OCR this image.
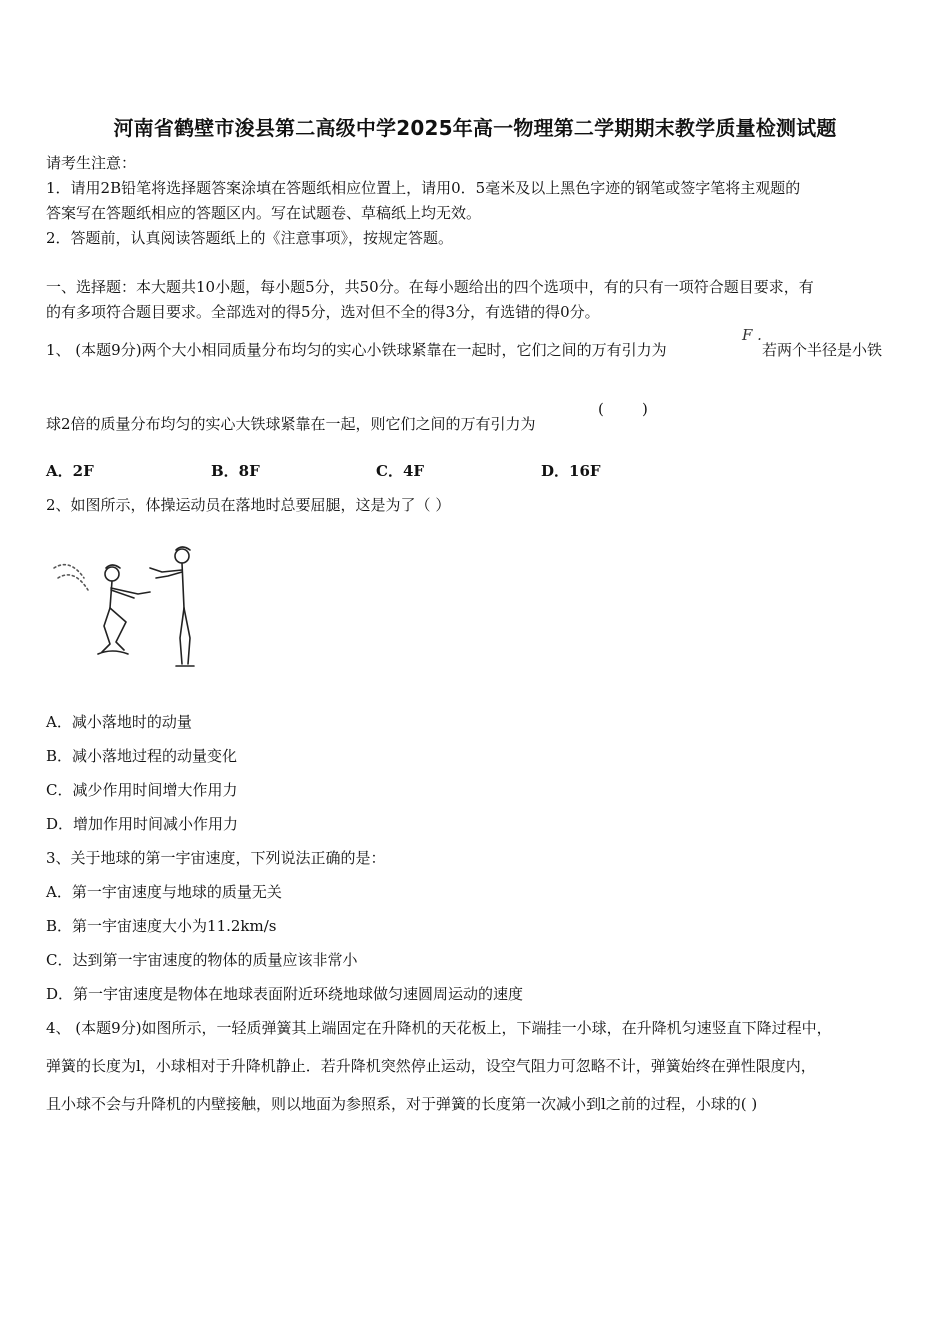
河南省鹤壁市浚县第二高级中学2025年高一物理第二学期期末教学质量检测试题
请考生注意：
1．请用2B铅笔将选择题答案涂填在答题纸相应位置上，请用0．5毫米及以上黑色字迹的钢笔或签字笔将主观题的
答案写在答题纸相应的答题区内。写在试题卷、草稿纸上均无效。
2．答题前，认真阅读答题纸上的《注意事项》，按规定答题。
一、选择题：本大题共10小题，每小题5分，共50分。在每小题给出的四个选项中，有的只有一项符合题目要求，有
的有多项符合题目要求。全部选对的得5分，选对但不全的得3分，有选错的得0分。
1、 (本题9分)两个大小相同质量分布均匀的实心小铁球紧靠在一起时，它们之间的万有引力为
F .
若两个半径是小铁
球2倍的质量分布均匀的实心大铁球紧靠在一起，则它们之间的万有引力为
(        )
A．2F	B．8F	C．4F	D．16F
2、如图所示，体操运动员在落地时总要屈腿，这是为了（ ）
A．减小落地时的动量
B．减小落地过程的动量变化
C．减少作用时间增大作用力
D．增加作用时间减小作用力
3、关于地球的第一宇宙速度，下列说法正确的是：
A．第一宇宙速度与地球的质量无关
B．第一宇宙速度大小为11.2km/s
C．达到第一宇宙速度的物体的质量应该非常小
D．第一宇宙速度是物体在地球表面附近环绕地球做匀速圆周运动的速度
4、 (本题9分)如图所示，一轻质弹簧其上端固定在升降机的天花板上，下端挂一小球，在升降机匀速竖直下降过程中，
弹簧的长度为l，小球相对于升降机静止．若升降机突然停止运动，设空气阻力可忽略不计，弹簧始终在弹性限度内，
且小球不会与升降机的内壁接触，则以地面为参照系，对于弹簧的长度第一次减小到l之前的过程，小球的( )
